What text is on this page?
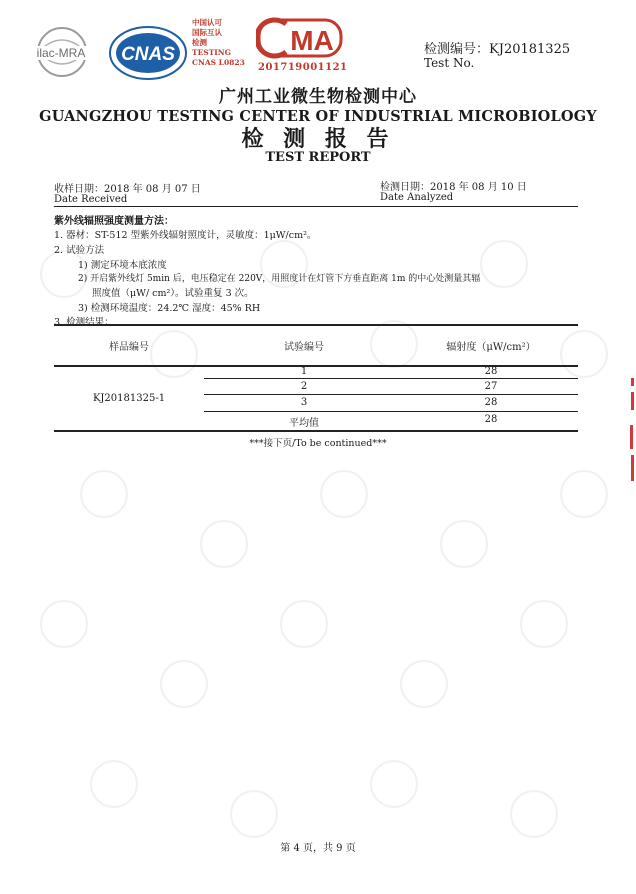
ilac-MRA CNAS
中国认可
国际互认
检测
TESTING
CNAS L0823
MA
201719001121
检测编号：KJ20181325
Test No.
广州工业微生物检测中心
GUANGZHOU TESTING CENTER OF INDUSTRIAL MICROBIOLOGY
检 测 报 告
TEST REPORT
收样日期：2018 年 08 月 07 日
Date Received
检测日期：2018 年 08 月 10 日
Date Analyzed
紫外线辐照强度测量方法：
1. 器材：ST-512 型紫外线辐射照度计，灵敏度：1μW/cm²。
2. 试验方法
1) 测定环境本底浓度
2) 开启紫外线灯 5min 后，电压稳定在 220V，用照度计在灯管下方垂直距离 1m 的中心处测量其辐
照度值（μW/ cm²）。试验重复 3 次。
3) 检测环境温度：24.2℃ 湿度：45% RH
3. 检测结果：
样品编号	试验编号	辐射度（μW/cm²）
KJ20181325-1
1	28
2	27
3	28
平均值	28
***接下页/To be continued***
第 4 页，共 9 页
